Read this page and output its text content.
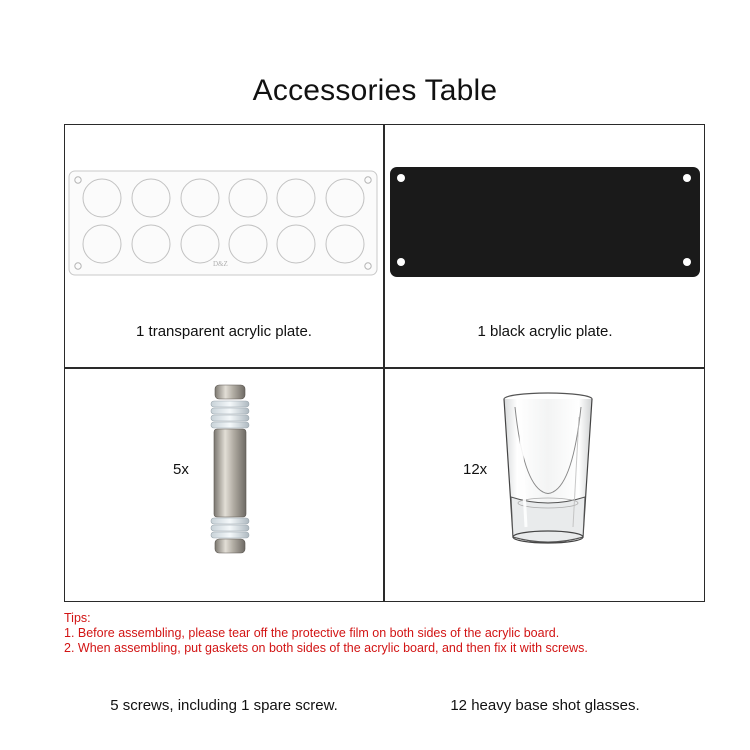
Accessories Table
D&Z
1 transparent acrylic plate.	1 black acrylic plate.
5x
5 screws, including 1 spare screw.
12x
12 heavy base shot glasses.
Tips:
1. Before assembling, please tear off the protective film on both sides of the acrylic board.
2. When assembling, put gaskets on both sides of the acrylic board, and then fix it with screws.
